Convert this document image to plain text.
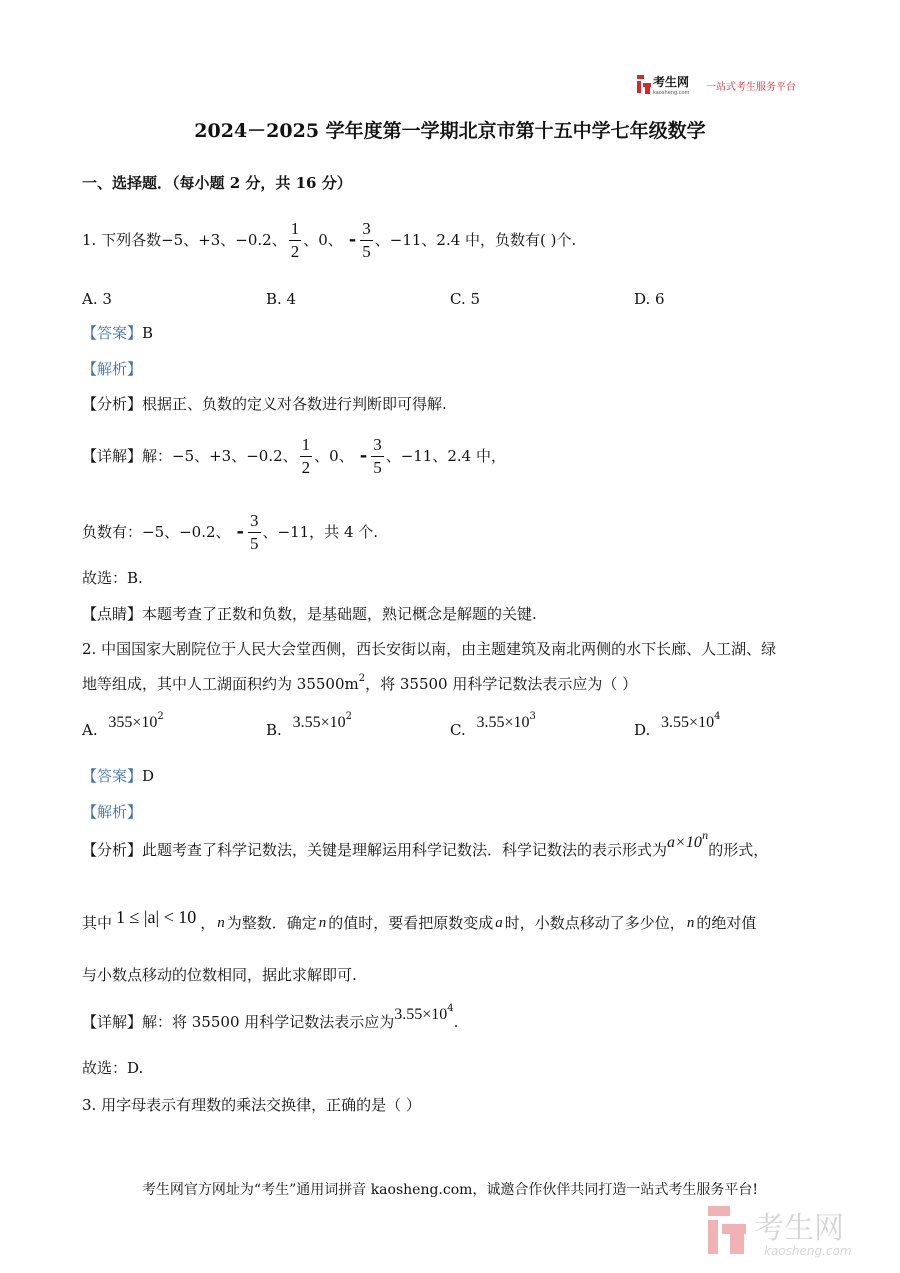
考生网
kaosheng.com 一站式考生服务平台
2024－2025 学年度第一学期北京市第十五中学七年级数学
一、选择题．（每小题 2 分，共 16 分）
1. 下列各数−5、+3、−0.2、 $\frac{1}{2}$ 、0、 - $\frac{3}{5}$ 、−11、2.4 中，负数有( )个.
A. 3	B. 4	C. 5	D. 6
【答案】B
【解析】
【分析】根据正、负数的定义对各数进行判断即可得解.
【详解】解：−5、+3、−0.2、 $\frac{1}{2}$ 、0、 - $\frac{3}{5}$ 、−11、2.4 中，
负数有：−5、−0.2、 - $\frac{3}{5}$ 、−11，共 4 个.
故选：B.
【点睛】本题考查了正数和负数，是基础题，熟记概念是解题的关键.
2. 中国国家大剧院位于人民大会堂西侧，西长安街以南，由主题建筑及南北两侧的水下长廊、人工湖、绿
地等组成，其中人工湖面积约为 $35500m^2$，将 35500 用科学记数法表示应为（ ）
A. $355\times 10^2$
B. $3.55\times 10^2$
C. $3.55\times 10^3$
D. $3.55\times 10^4$
【答案】D
【解析】
【分析】此题考查了科学记数法，关键是理解运用科学记数法．科学记数法的表示形式为$a\times 10^n$的形式，
其中 1 ≤ |a| < 10 ， n 为整数．确定 n 的值时，要看把原数变成 a 时，小数点移动了多少位， n 的绝对值
与小数点移动的位数相同，据此求解即可.
【详解】解：将 35500 用科学记数法表示应为$3.55\times 10^4$.
故选：D.
3. 用字母表示有理数的乘法交换律，正确的是（ ）
考生网官方网址为“考生”通用词拼音 kaosheng.com，诚邀合作伙伴共同打造一站式考生服务平台!
考生网
kaosheng.com
